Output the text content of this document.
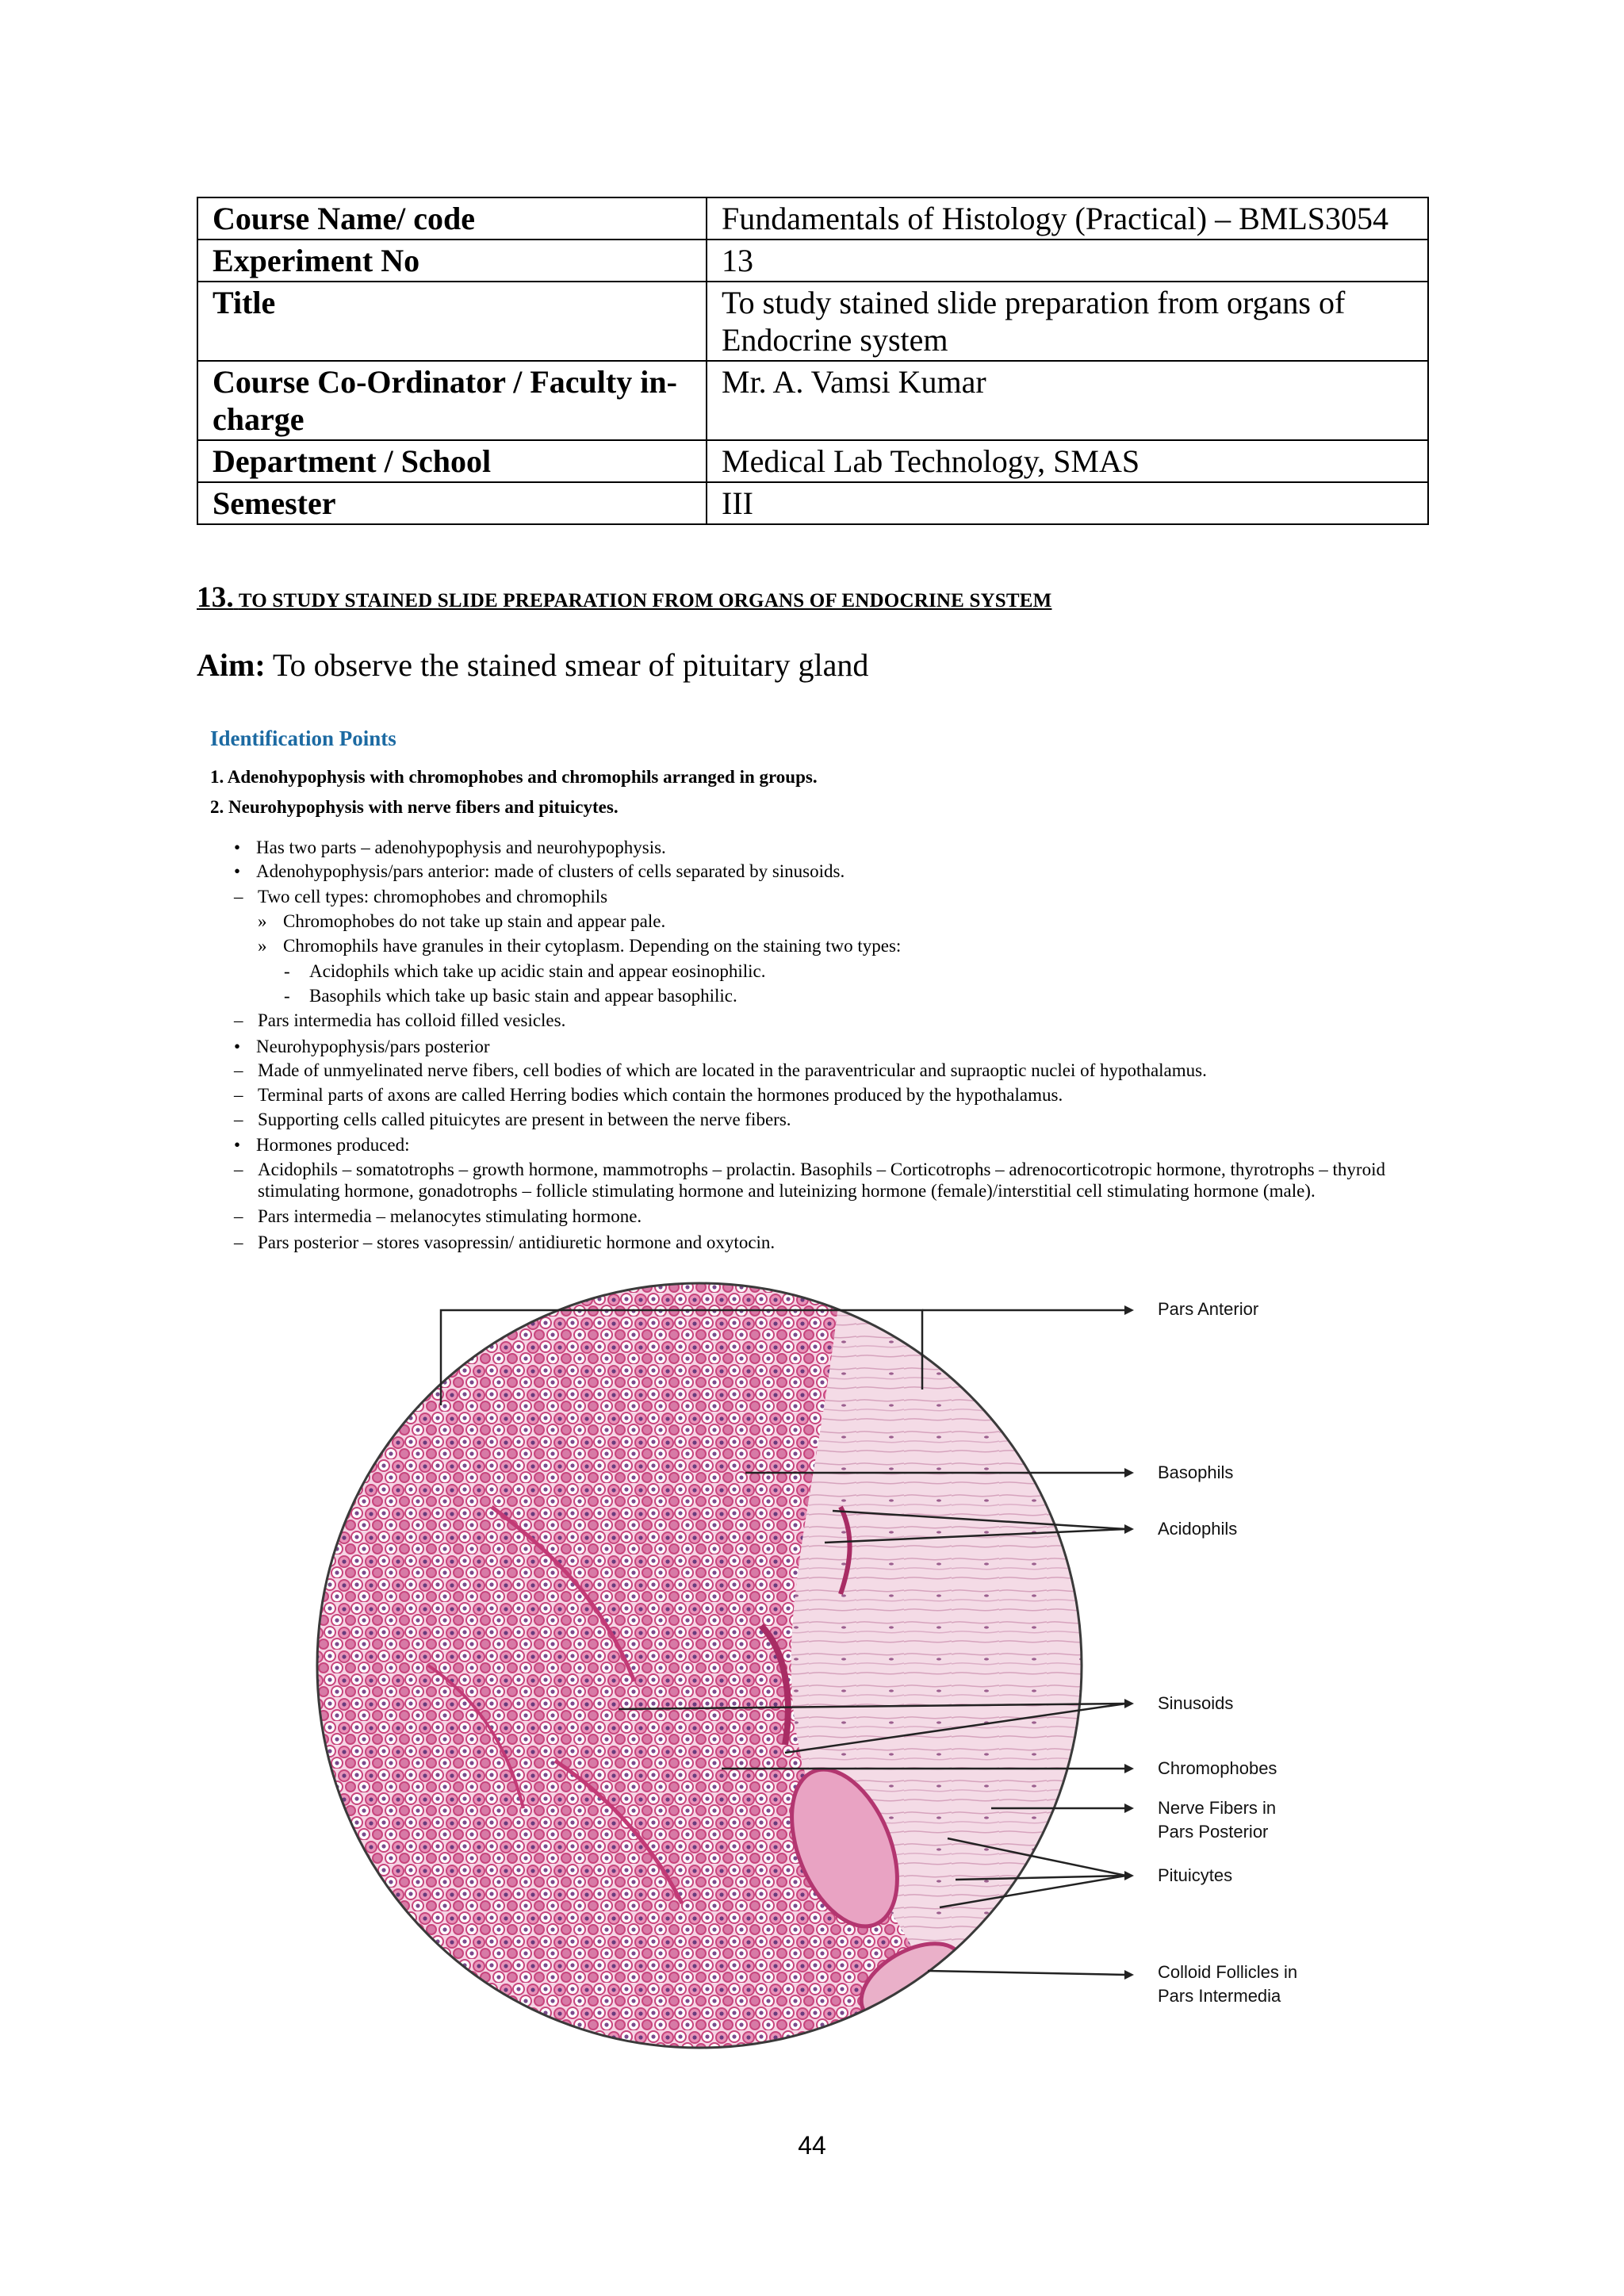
Course Name/ code	Fundamentals of Histology (Practical) – BMLS3054
Experiment No	13
Title	To study stained slide preparation from organs of Endocrine system
Course Co-Ordinator / Faculty in-charge	Mr. A. Vamsi Kumar
Department / School	Medical Lab Technology, SMAS
Semester	III
13. TO STUDY STAINED SLIDE PREPARATION FROM ORGANS OF ENDOCRINE SYSTEM
Aim: To observe the stained smear of pituitary gland
Identification Points
1. Adenohypophysis with chromophobes and chromophils arranged in groups.
2. Neurohypophysis with nerve fibers and pituicytes.
• Has two parts – adenohypophysis and neurohypophysis.
• Adenohypophysis/pars anterior: made of clusters of cells separated by sinusoids.
– Two cell types: chromophobes and chromophils
» Chromophobes do not take up stain and appear pale.
» Chromophils have granules in their cytoplasm. Depending on the staining two types:
- Acidophils which take up acidic stain and appear eosinophilic.
- Basophils which take up basic stain and appear basophilic.
– Pars intermedia has colloid filled vesicles.
• Neurohypophysis/pars posterior
– Made of unmyelinated nerve fibers, cell bodies of which are located in the paraventricular and supraoptic nuclei of hypothalamus.
– Terminal parts of axons are called Herring bodies which contain the hormones produced by the hypothalamus.
– Supporting cells called pituicytes are present in between the nerve fibers.
• Hormones produced:
– Acidophils – somatotrophs – growth hormone, mammotrophs – prolactin. Basophils – Corticotrophs – adrenocorticotropic hormone, thyrotrophs – thyroid
stimulating hormone, gonadotrophs – follicle stimulating hormone and luteinizing hormone (female)/interstitial cell stimulating hormone (male).
– Pars intermedia – melanocytes stimulating hormone.
– Pars posterior – stores vasopressin/ antidiuretic hormone and oxytocin.
Pars Anterior
Basophils
Acidophils
Sinusoids
Chromophobes
Nerve Fibers in
Pars Posterior
Pituicytes
Colloid Follicles in
Pars Intermedia
44
